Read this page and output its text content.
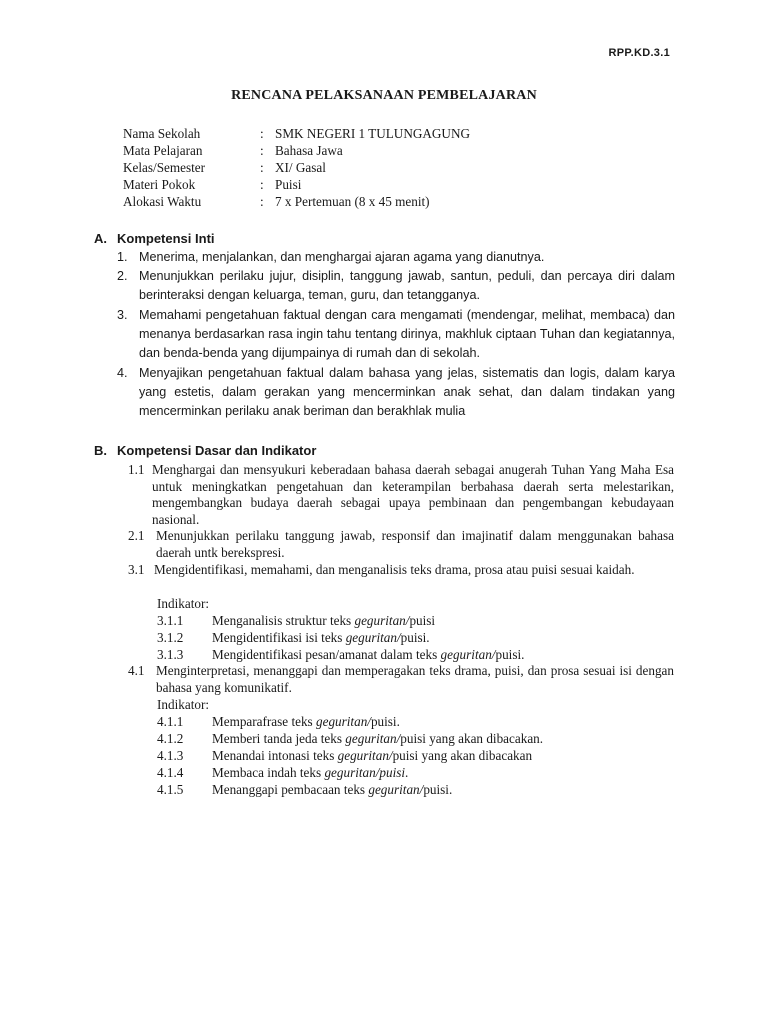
RPP.KD.3.1
RENCANA PELAKSANAAN PEMBELAJARAN
Nama Sekolah	: SMK NEGERI 1 TULUNGAGUNG
Mata Pelajaran	: Bahasa Jawa
Kelas/Semester	: XI/ Gasal
Materi Pokok	: Puisi
Alokasi Waktu	: 7 x Pertemuan (8 x 45 menit)
A. Kompetensi Inti
1. Menerima, menjalankan, dan menghargai ajaran agama yang dianutnya.
2. Menunjukkan perilaku jujur, disiplin, tanggung jawab, santun, peduli, dan percaya diri dalam berinteraksi dengan keluarga, teman, guru, dan tetangganya.
3. Memahami pengetahuan faktual dengan cara mengamati (mendengar, melihat, membaca) dan menanya berdasarkan rasa ingin tahu tentang dirinya, makhluk ciptaan Tuhan dan kegiatannya, dan benda-benda yang dijumpainya di rumah dan di sekolah.
4. Menyajikan pengetahuan faktual dalam bahasa yang jelas, sistematis dan logis, dalam karya yang estetis, dalam gerakan yang mencerminkan anak sehat, dan dalam tindakan yang mencerminkan perilaku anak beriman dan berakhlak mulia
B. Kompetensi Dasar dan Indikator
1.1 Menghargai dan mensyukuri keberadaan bahasa daerah sebagai anugerah Tuhan Yang Maha Esa untuk meningkatkan pengetahuan dan keterampilan berbahasa daerah serta melestarikan, mengembangkan budaya daerah sebagai upaya pembinaan dan pengembangan kebudayaan nasional.
2.1 Menunjukkan perilaku tanggung jawab, responsif dan imajinatif dalam menggunakan bahasa daerah untk berekspresi.
3.1 Mengidentifikasi, memahami, dan menganalisis teks drama, prosa atau puisi sesuai kaidah.
Indikator:
3.1.1 Menganalisis struktur teks geguritan/puisi
3.1.2 Mengidentifikasi isi teks geguritan/puisi.
3.1.3 Mengidentifikasi pesan/amanat dalam teks geguritan/puisi.
4.1 Menginterpretasi, menanggapi dan memperagakan teks drama, puisi, dan prosa sesuai isi dengan bahasa yang komunikatif.
Indikator:
4.1.1 Memparafrase teks geguritan/puisi.
4.1.2 Memberi tanda jeda teks geguritan/puisi yang akan dibacakan.
4.1.3 Menandai intonasi teks geguritan/puisi yang akan dibacakan
4.1.4 Membaca indah teks geguritan/puisi.
4.1.5 Menanggapi pembacaan teks geguritan/puisi.
